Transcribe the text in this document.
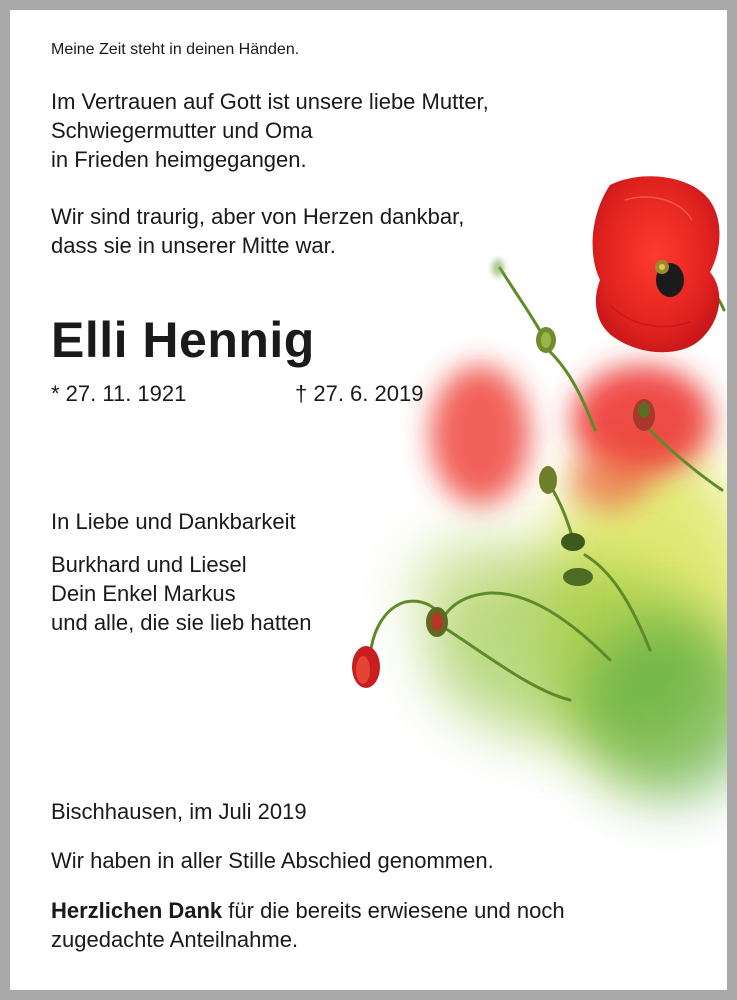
Meine Zeit steht in deinen Händen.

Im Vertrauen auf Gott ist unsere liebe Mutter,
Schwiegermutter und Oma
in Frieden heimgegangen.

Wir sind traurig, aber von Herzen dankbar,
dass sie in unserer Mitte war.

Elli Hennig

* 27. 11. 1921	† 27. 6. 2019

In Liebe und Dankbarkeit

Burkhard und Liesel
Dein Enkel Markus
und alle, die sie lieb hatten

Bischhausen, im Juli 2019

Wir haben in aller Stille Abschied genommen.

Herzlichen Dank für die bereits erwiesene und noch
zugedachte Anteilnahme.
